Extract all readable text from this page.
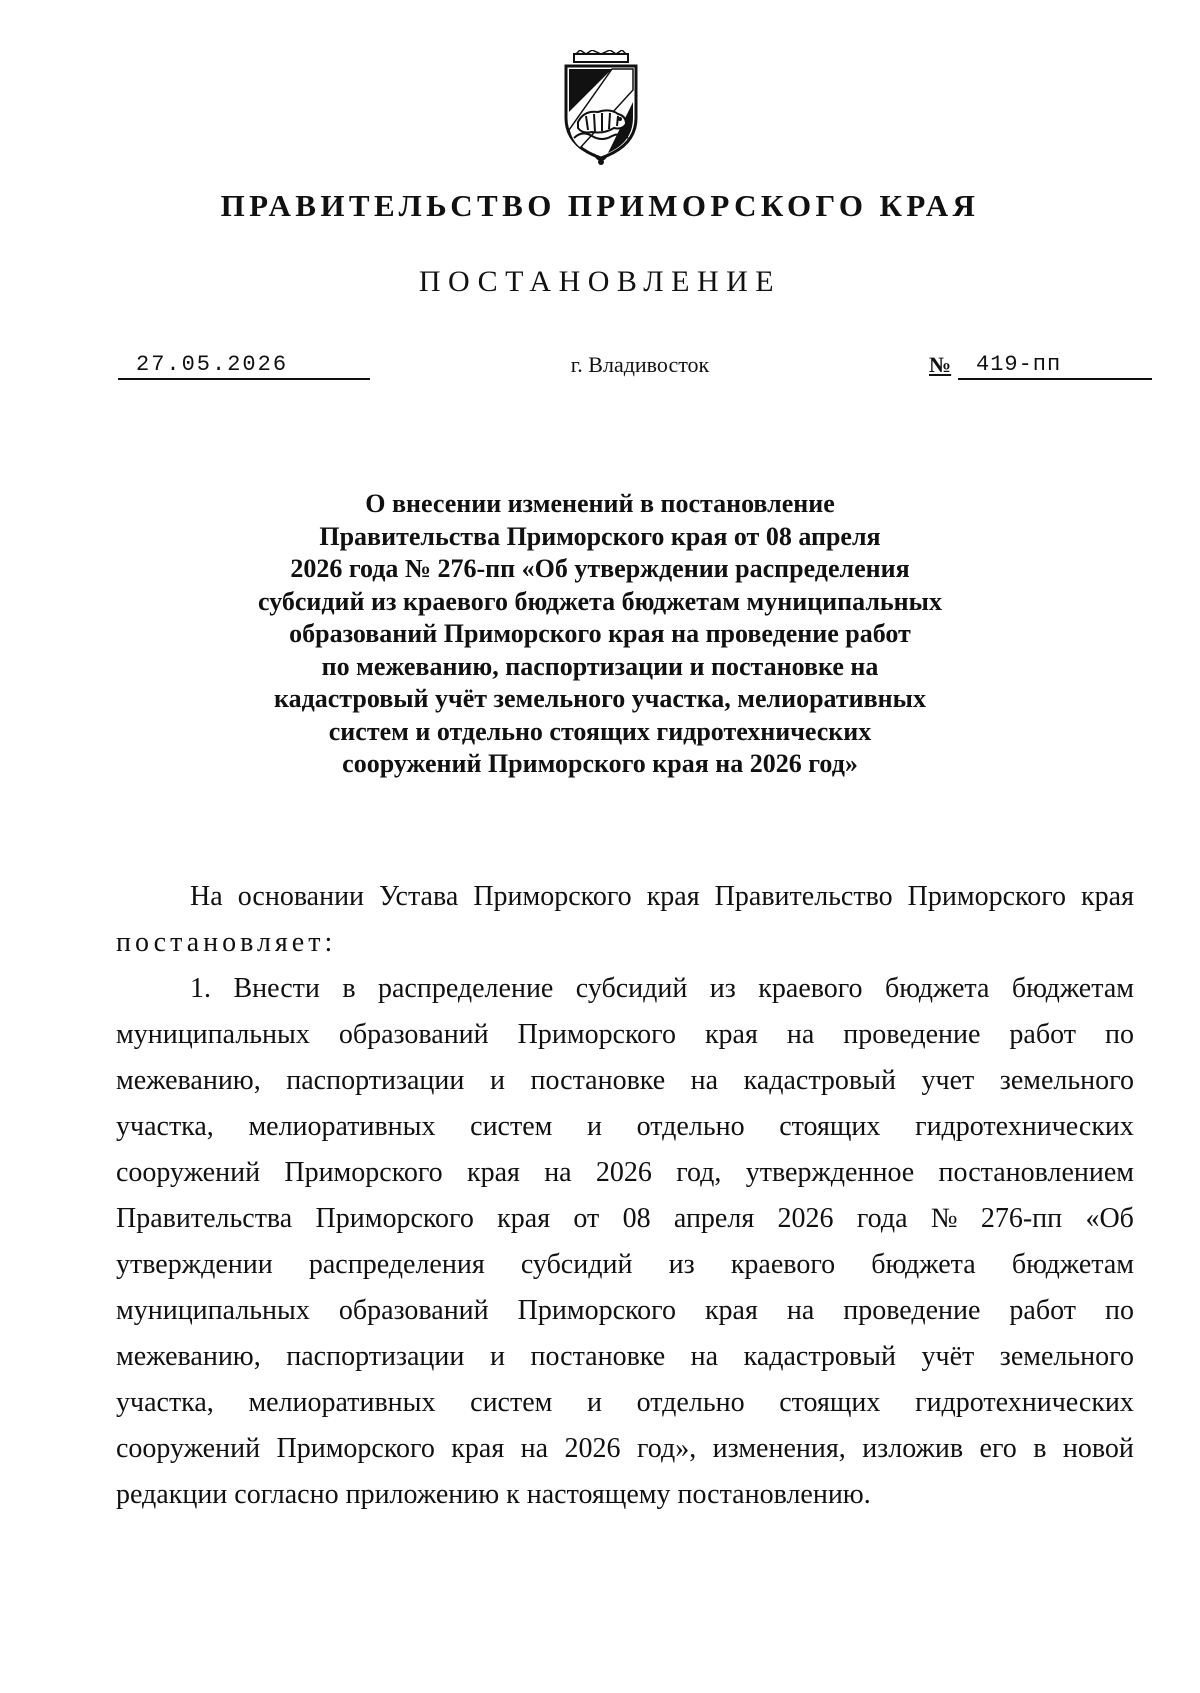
ПРАВИТЕЛЬСТВО ПРИМОРСКОГО КРАЯ
ПОСТАНОВЛЕНИЕ
27.05.2026	г. Владивосток	№	419-пп
О внесении изменений в постановление
Правительства Приморского края от 08 апреля
2026 года № 276-пп «Об утверждении распределения
субсидий из краевого бюджета бюджетам муниципальных
образований Приморского края на проведение работ
по межеванию, паспортизации и постановке на
кадастровый учёт земельного участка, мелиоративных
систем и отдельно стоящих гидротехнических
сооружений Приморского края на 2026 год»
На основании Устава Приморского края Правительство Приморского края
постановляет:
1. Внести в распределение субсидий из краевого бюджета бюджетам
муниципальных образований Приморского края на проведение работ по
межеванию, паспортизации и постановке на кадастровый учет земельного
участка, мелиоративных систем и отдельно стоящих гидротехнических
сооружений Приморского края на 2026 год, утвержденное постановлением
Правительства Приморского края от 08 апреля 2026 года № 276-пп «Об
утверждении распределения субсидий из краевого бюджета бюджетам
муниципальных образований Приморского края на проведение работ по
межеванию, паспортизации и постановке на кадастровый учёт земельного
участка, мелиоративных систем и отдельно стоящих гидротехнических
сооружений Приморского края на 2026 год», изменения, изложив его в новой
редакции согласно приложению к настоящему постановлению.
